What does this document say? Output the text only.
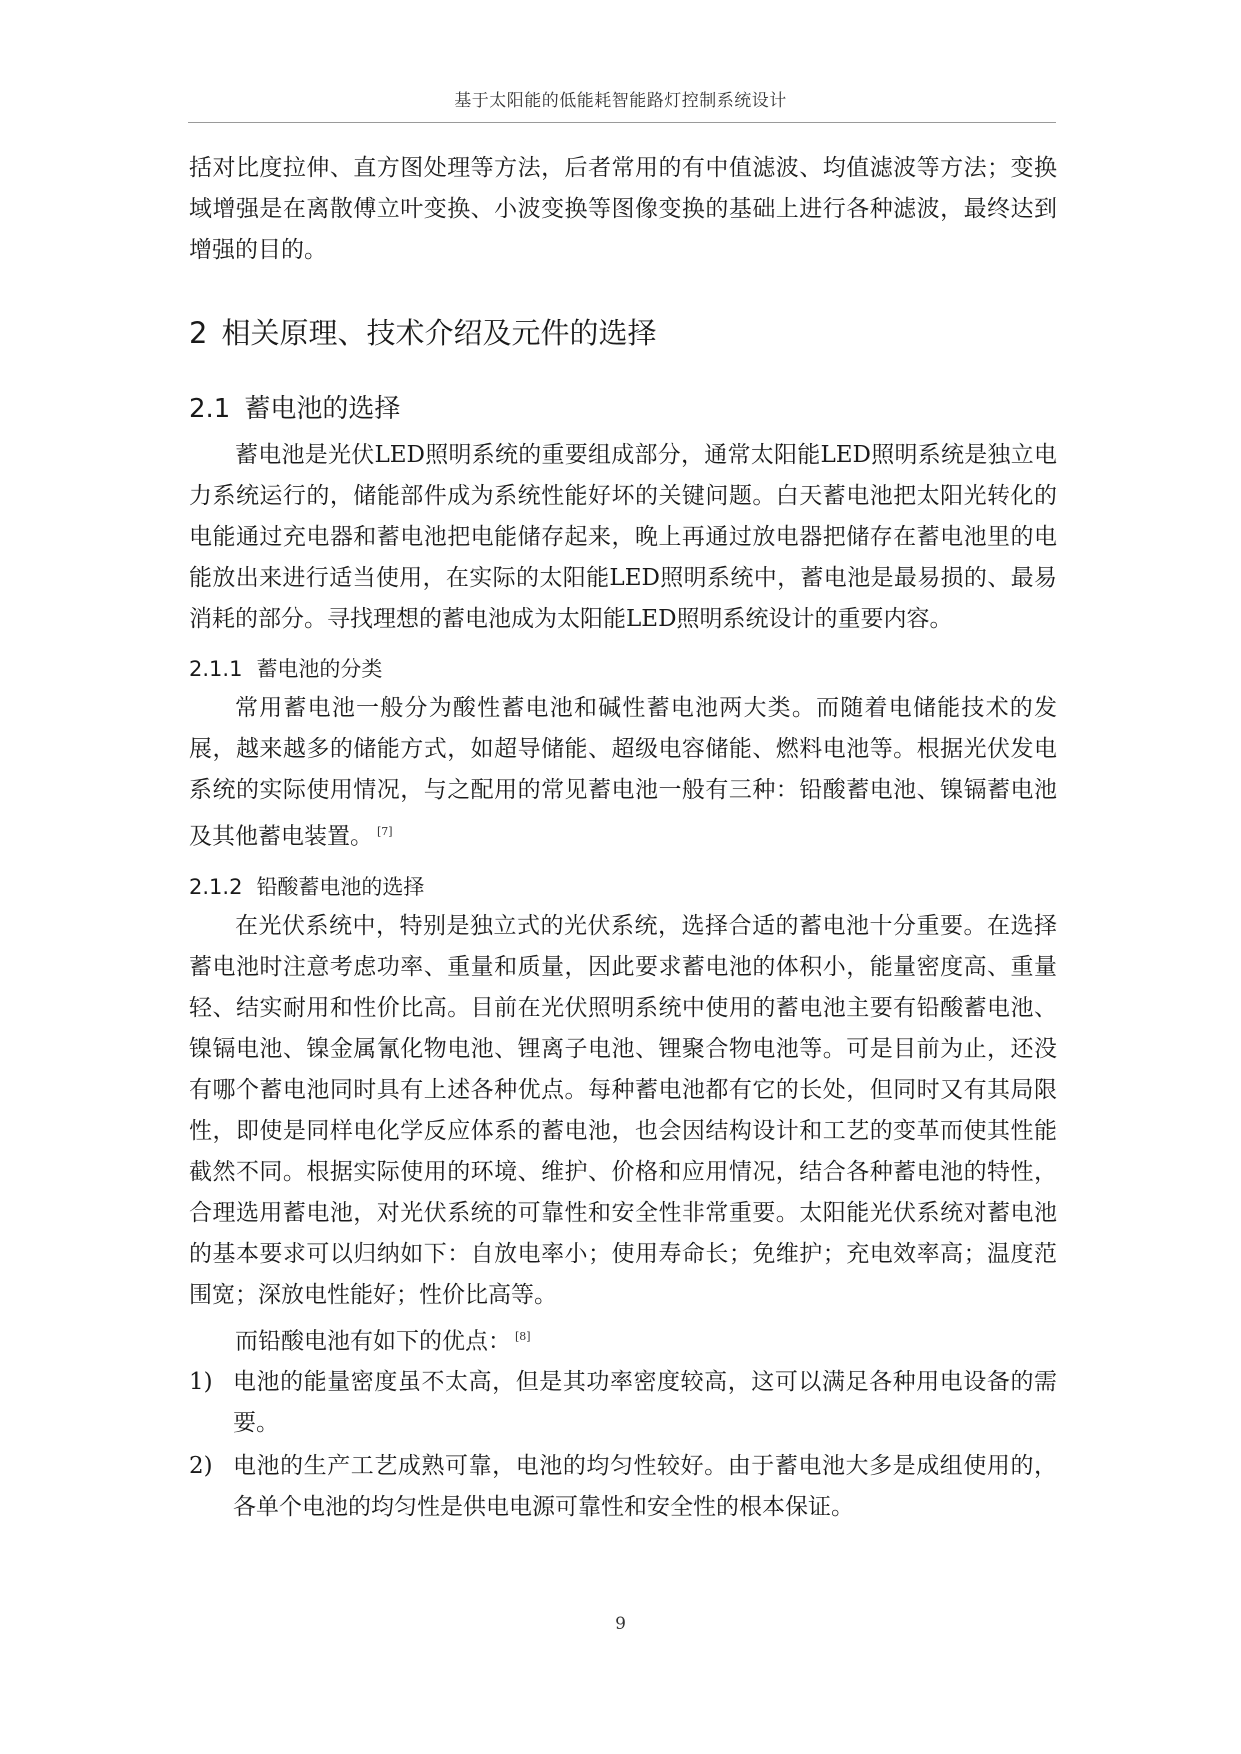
基于太阳能的低能耗智能路灯控制系统设计

括对比度拉伸、直方图处理等方法，后者常用的有中值滤波、均值滤波等方法；变换域增强是在离散傅立叶变换、小波变换等图像变换的基础上进行各种滤波，最终达到增强的目的。

2 相关原理、技术介绍及元件的选择
2.1 蓄电池的选择

蓄电池是光伏LED照明系统的重要组成部分，通常太阳能LED照明系统是独立电力系统运行的，储能部件成为系统性能好坏的关键问题。白天蓄电池把太阳光转化的电能通过充电器和蓄电池把电能储存起来，晚上再通过放电器把储存在蓄电池里的电能放出来进行适当使用，在实际的太阳能LED照明系统中，蓄电池是最易损的、最易消耗的部分。寻找理想的蓄电池成为太阳能LED照明系统设计的重要内容。

2.1.1 蓄电池的分类

常用蓄电池一般分为酸性蓄电池和碱性蓄电池两大类。而随着电储能技术的发展，越来越多的储能方式，如超导储能、超级电容储能、燃料电池等。根据光伏发电系统的实际使用情况，与之配用的常见蓄电池一般有三种：铅酸蓄电池、镍镉蓄电池及其他蓄电装置。 [7]

2.1.2 铅酸蓄电池的选择

在光伏系统中，特别是独立式的光伏系统，选择合适的蓄电池十分重要。在选择蓄电池时注意考虑功率、重量和质量，因此要求蓄电池的体积小，能量密度高、重量轻、结实耐用和性价比高。目前在光伏照明系统中使用的蓄电池主要有铅酸蓄电池、镍镉电池、镍金属氰化物电池、锂离子电池、锂聚合物电池等。可是目前为止，还没有哪个蓄电池同时具有上述各种优点。每种蓄电池都有它的长处，但同时又有其局限性，即使是同样电化学反应体系的蓄电池，也会因结构设计和工艺的变革而使其性能截然不同。根据实际使用的环境、维护、价格和应用情况，结合各种蓄电池的特性，合理选用蓄电池，对光伏系统的可靠性和安全性非常重要。太阳能光伏系统对蓄电池的基本要求可以归纳如下：自放电率小；使用寿命长；免维护；充电效率高；温度范围宽；深放电性能好；性价比高等。

而铅酸电池有如下的优点： [8]

1) 电池的能量密度虽不太高，但是其功率密度较高，这可以满足各种用电设备的需要。
2) 电池的生产工艺成熟可靠，电池的均匀性较好。由于蓄电池大多是成组使用的，各单个电池的均匀性是供电电源可靠性和安全性的根本保证。
9
